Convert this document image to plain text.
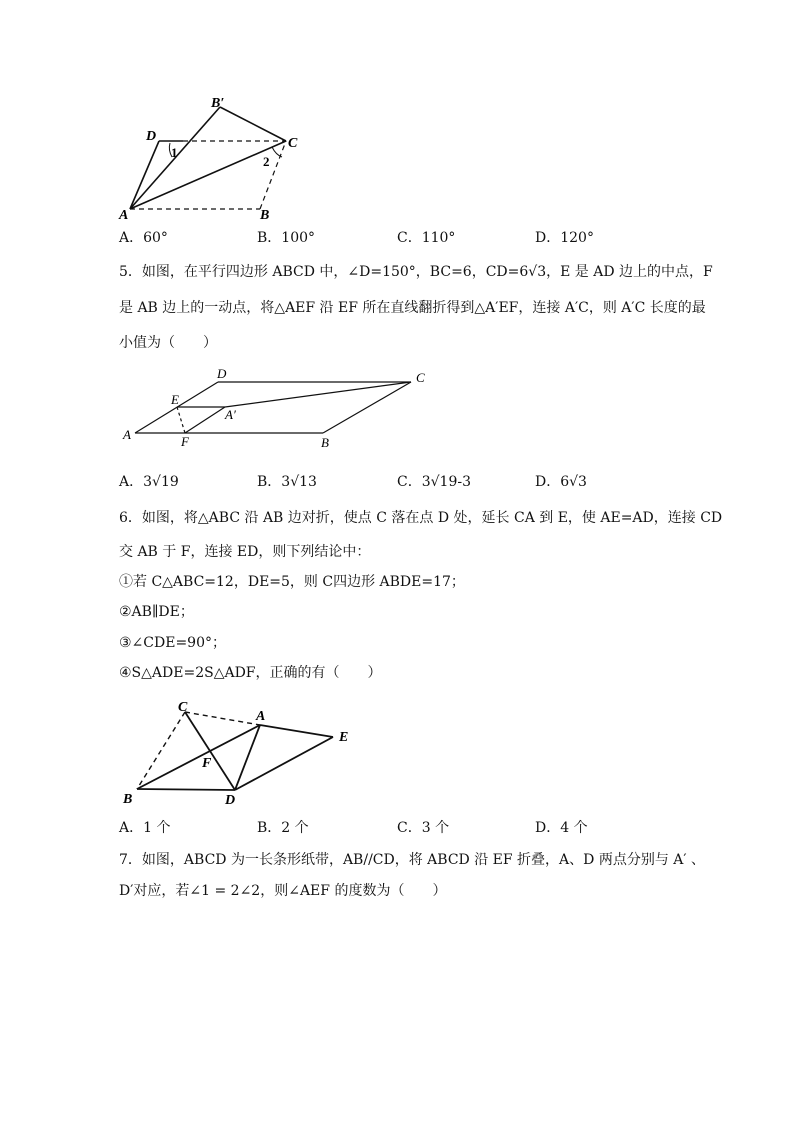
A	B
B′
C
D
1
2
A．60°	B．100°	C．110°	D．120°
5．如图，在平行四边形 ABCD 中，∠D=150°，BC=6，CD=6√3，E 是 AD 边上的中点，F
是 AB 边上的一动点，将△AEF 沿 EF 所在直线翻折得到△A′EF，连接 A′C，则 A′C 长度的最
小值为（　　）
A
B
C
D
E
F
A′
A．3√19	B．3√13	C．3√19-3	D．6√3
6．如图，将△ABC 沿 AB 边对折，使点 C 落在点 D 处，延长 CA 到 E，使 AE=AD，连接 CD
交 AB 于 F，连接 ED，则下列结论中：
①若 C△ABC=12，DE=5，则 C四边形 ABDE=17；
②AB∥DE；
③∠CDE=90°；
④S△ADE=2S△ADF，正确的有（　　）
C
A
E
B	D
F
A．1 个	B．2 个	C．3 个	D．4 个
7．如图，ABCD 为一长条形纸带，AB//CD，将 ABCD 沿 EF 折叠，A、D 两点分别与 A′ 、
D′对应，若∠1 = 2∠2，则∠AEF 的度数为（　　）
